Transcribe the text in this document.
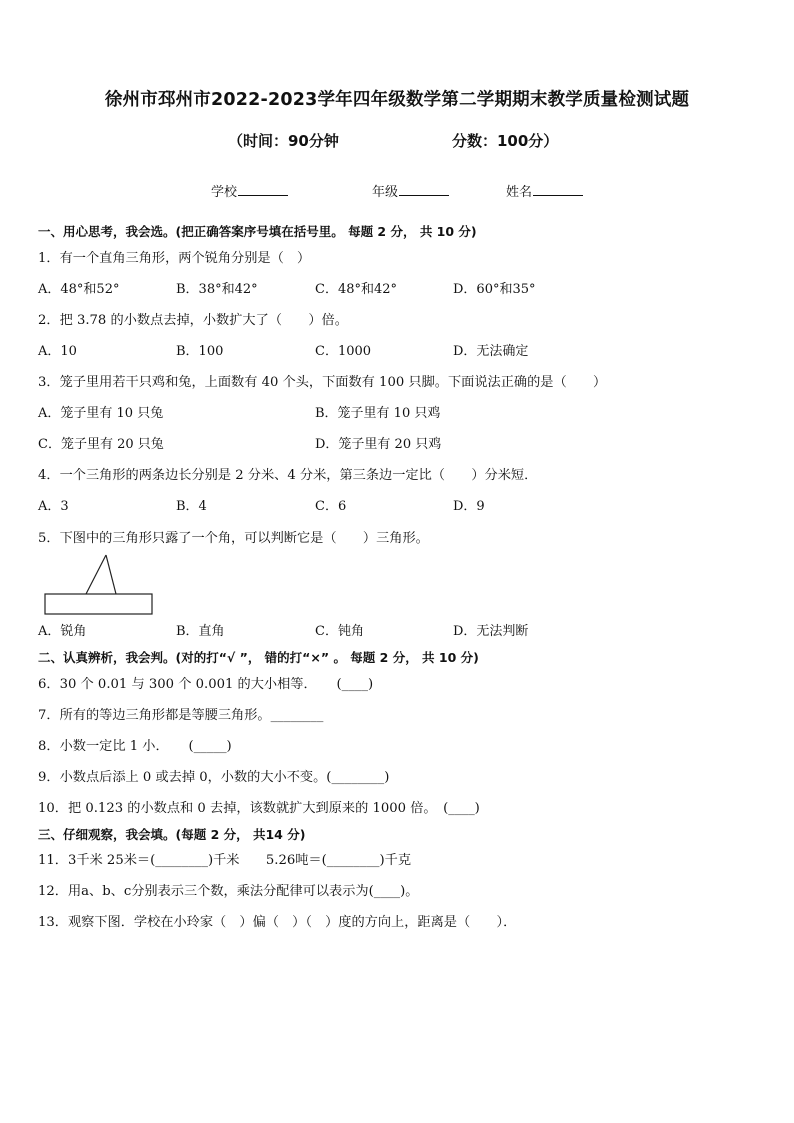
徐州市邳州市2022-2023学年四年级数学第二学期期末教学质量检测试题
（时间：90分钟	分数：100分）
学校	年级	姓名
一、用心思考，我会选。(把正确答案序号填在括号里。 每题 2 分， 共 10 分)
1．有一个直角三角形，两个锐角分别是（　）
A．48°和52°	B．38°和42°	C．48°和42°	D．60°和35°
2．把 3.78 的小数点去掉，小数扩大了（　　）倍。
A．10	B．100	C．1000	D．无法确定
3．笼子里用若干只鸡和兔，上面数有 40 个头，下面数有 100 只脚。下面说法正确的是（　　）
A．笼子里有 10 只兔	B．笼子里有 10 只鸡
C．笼子里有 20 只兔	D．笼子里有 20 只鸡
4．一个三角形的两条边长分别是 2 分米、4 分米，第三条边一定比（　　）分米短．
A．3	B．4	C．6	D．9
5．下图中的三角形只露了一个角，可以判断它是（　　）三角形。
A．锐角	B．直角	C．钝角	D．无法判断
二、认真辨析，我会判。(对的打“√ ”， 错的打“×” 。 每题 2 分， 共 10 分)
6．30 个 0.01 与 300 个 0.001 的大小相等．　　(____)
7．所有的等边三角形都是等腰三角形。________
8．小数一定比 1 小．　　(_____)
9．小数点后添上 0 或去掉 0，小数的大小不变。(________)
10．把 0.123 的小数点和 0 去掉，该数就扩大到原来的 1000 倍。　(____)
三、仔细观察，我会填。(每题 2 分， 共14 分)
11．3千米 25米＝(________)千米　　5.26吨＝(________)千克
12．用a、b、c分别表示三个数，乘法分配律可以表示为(____)。
13．观察下图．学校在小玲家（　）偏（　）（　）度的方向上，距离是（　　）．
